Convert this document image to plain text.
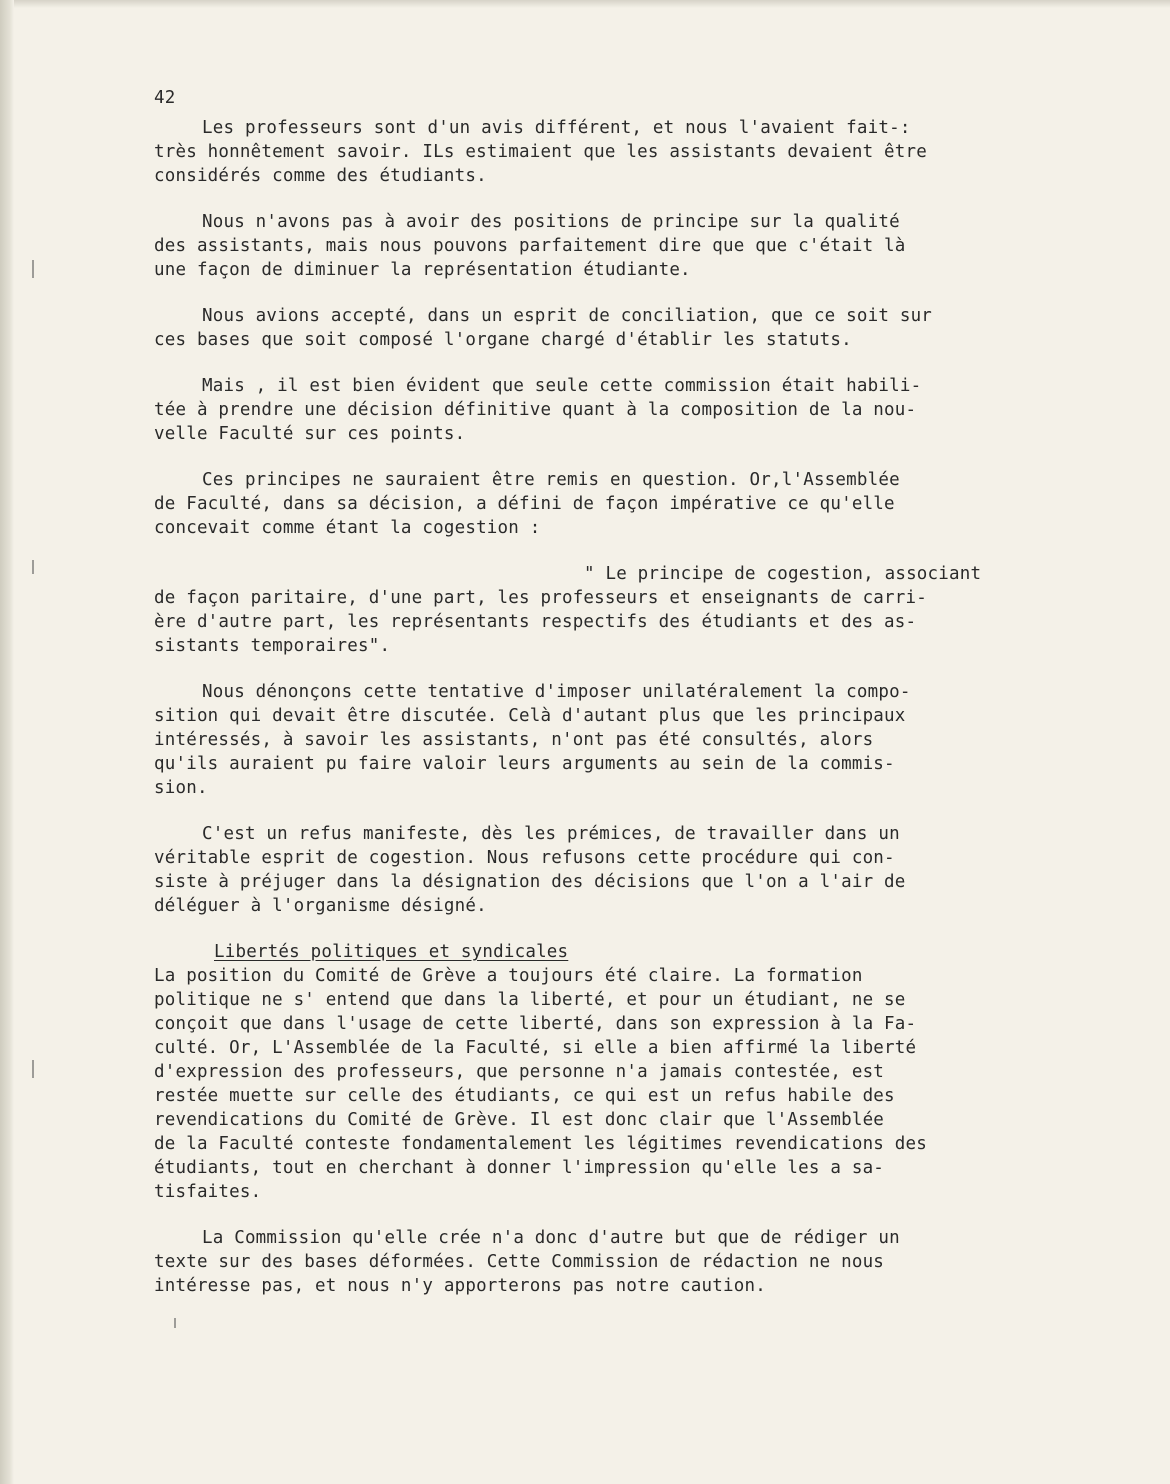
42
Les professeurs sont d'un avis différent, et nous l'avaient fait-:
très honnêtement savoir. ILs estimaient que les assistants devaient être
considérés comme des étudiants.
Nous n'avons pas à avoir des positions de principe sur la qualité
des assistants, mais nous pouvons parfaitement dire que que c'était là
une façon de diminuer la représentation étudiante.
Nous avions accepté, dans un esprit de conciliation, que ce soit sur
ces bases que soit composé l'organe chargé d'établir les statuts.
Mais , il est bien évident que seule cette commission était habili-
tée à prendre une décision définitive quant à la composition de la nou-
velle Faculté sur ces points.
Ces principes ne sauraient être remis en question. Or,l'Assemblée
de Faculté, dans sa décision, a défini de façon impérative ce qu'elle
concevait comme étant la cogestion :
" Le principe de cogestion, associant
de façon paritaire, d'une part, les professeurs et enseignants de carri-
ère d'autre part, les représentants respectifs des étudiants et des as-
sistants temporaires".
Nous dénonçons cette tentative d'imposer unilatéralement la compo-
sition qui devait être discutée. Celà d'autant plus que les principaux
intéressés, à savoir les assistants, n'ont pas été consultés, alors
qu'ils auraient pu faire valoir leurs arguments au sein de la commis-
sion.
C'est un refus manifeste, dès les prémices, de travailler dans un
véritable esprit de cogestion. Nous refusons cette procédure qui con-
siste à préjuger dans la désignation des décisions que l'on a l'air de
déléguer à l'organisme désigné.
Libertés politiques et syndicales
La position du Comité de Grève a toujours été claire. La formation
politique ne s' entend que dans la liberté, et pour un étudiant, ne se
conçoit que dans l'usage de cette liberté, dans son expression à la Fa-
culté. Or, L'Assemblée de la Faculté, si elle a bien affirmé la liberté
d'expression des professeurs, que personne n'a jamais contestée, est
restée muette sur celle des étudiants, ce qui est un refus habile des
revendications du Comité de Grève. Il est donc clair que l'Assemblée
de la Faculté conteste fondamentalement les légitimes revendications des
étudiants, tout en cherchant à donner l'impression qu'elle les a sa-
tisfaites.
La Commission qu'elle crée n'a donc d'autre but que de rédiger un
texte sur des bases déformées. Cette Commission de rédaction ne nous
intéresse pas, et nous n'y apporterons pas notre caution.
